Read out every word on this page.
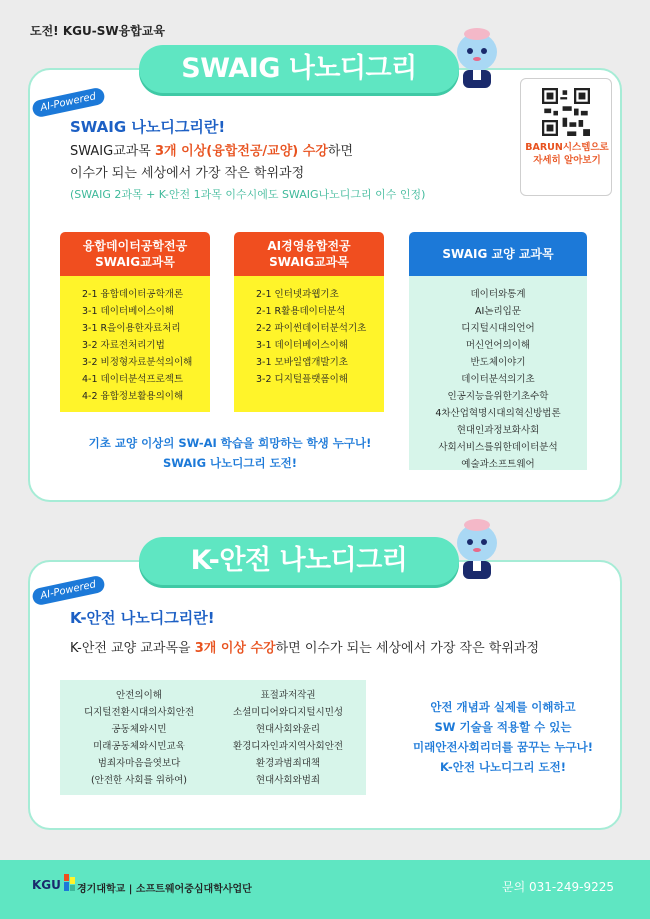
도전! KGU-SW융합교육
SWAIG 나노디그리
AI-Powered
BARUN시스템으로
자세히 알아보기
SWAIG 나노디그리란!
SWAIG교과목 3개 이상(융합전공/교양) 수강하면
이수가 되는 세상에서 가장 작은 학위과정
(SWAIG 2과목 + K-안전 1과목 이수시에도 SWAIG나노디그리 이수 인정)
융합데이터공학전공
SWAIG교과목
2-1 융합데이터공학개론
3-1 데이터베이스이해
3-1 R을이용한자료처리
3-2 자료전처리기법
3-2 비정형자료분석의이해
4-1 데이터분석프로젝트
4-2 융합정보활용의이해
AI경영융합전공
SWAIG교과목
2-1 인터넷과웹기초
2-1 R활용데이터분석
2-2 파이썬데이터분석기초
3-1 데이터베이스이해
3-1 모바일앱개발기초
3-2 디지털플랫폼이해
SWAIG 교양 교과목
데이터와통계
AI논리입문
디지털시대의언어
머신언어의이해
반도체이야기
데이터분석의기초
인공지능을위한기초수학
4차산업혁명시대의혁신방법론
현대인과정보화사회
사회서비스를위한데이터분석
예술과소프트웨어
기초 교양 이상의 SW-AI 학습을 희망하는 학생 누구나!
SWAIG 나노디그리 도전!
K-안전 나노디그리
AI-Powered
K-안전 나노디그리란!
K-안전 교양 교과목을 3개 이상 수강하면 이수가 되는 세상에서 가장 작은 학위과정
안전의이해
디지털전환시대의사회안전
공동체와시민
미래공동체와시민교육
범죄자마음을엿보다
(안전한 사회를 위하여)
표절과저작권
소셜미디어와디지털시민성
현대사회와윤리
환경디자인과지역사회안전
환경과범죄대책
현대사회와범죄
안전 개념과 실제를 이해하고
SW 기술을 적용할 수 있는
미래안전사회리더를 꿈꾸는 누구나!
K-안전 나노디그리 도전!
KGU 경기대학교 | 소프트웨어중심대학사업단	문의 031-249-9225
